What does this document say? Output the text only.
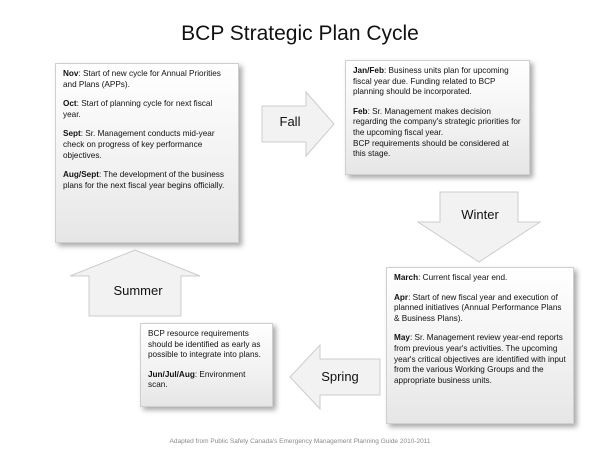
BCP Strategic Plan Cycle

Nov: Start of new cycle for Annual Priorities and Plans (APPs).

Oct: Start of planning cycle for next fiscal year.

Sept: Sr. Management conducts mid-year check on progress of key performance objectives.

Aug/Sept: The development of the business plans for the next fiscal year begins officially.

Jan/Feb: Business units plan for upcoming fiscal year due. Funding related to BCP planning should be incorporated.

Feb: Sr. Management makes decision regarding the company's strategic priorities for the upcoming fiscal year.
BCP requirements should be considered at this stage.

March: Current fiscal year end.

Apr: Start of new fiscal year and execution of planned initiatives (Annual Performance Plans & Business Plans).

May: Sr. Management review year-end reports from previous year's activities. The upcoming year's critical objectives are identified with input from the various Working Groups and the appropriate business units.

BCP resource requirements should be identified as early as possible to integrate into plans.

Jun/Jul/Aug: Environment scan.

Fall
Winter
Spring
Summer
Adapted from Public Safety Canada's Emergency Management Planning Guide 2010-2011
